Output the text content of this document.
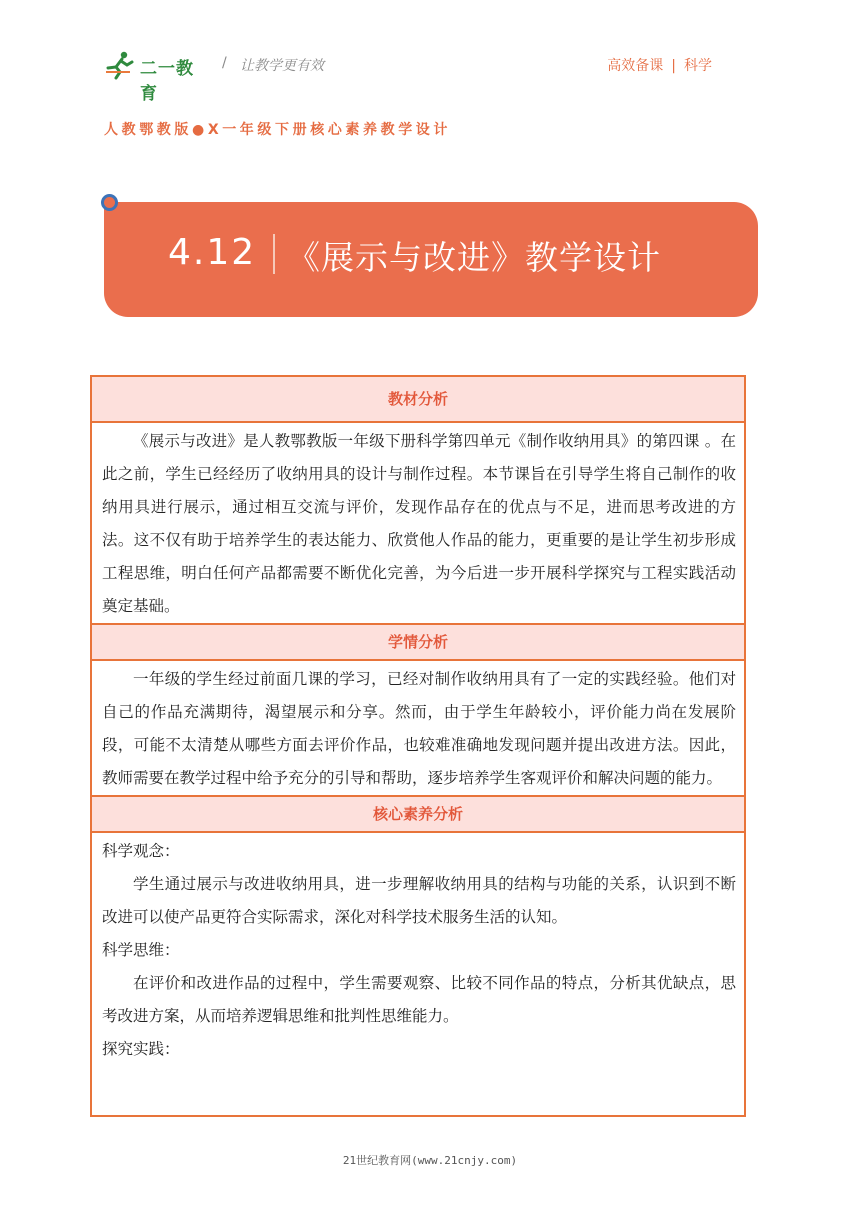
二一教育
/ 让教学更有效	高效备课 | 科学
人教鄂教版●X一年级下册核心素养教学设计
4.12 《展示与改进》教学设计
教材分析

《展示与改进》是人教鄂教版一年级下册科学第四单元《制作收纳用具》的第四课 。在此之前，学生已经经历了收纳用具的设计与制作过程。本节课旨在引导学生将自己制作的收纳用具进行展示，通过相互交流与评价，发现作品存在的优点与不足，进而思考改进的方法。这不仅有助于培养学生的表达能力、欣赏他人作品的能力，更重要的是让学生初步形成工程思维，明白任何产品都需要不断优化完善，为今后进一步开展科学探究与工程实践活动奠定基础。

学情分析

一年级的学生经过前面几课的学习，已经对制作收纳用具有了一定的实践经验。他们对自己的作品充满期待，渴望展示和分享。然而，由于学生年龄较小，评价能力尚在发展阶段，可能不太清楚从哪些方面去评价作品，也较难准确地发现问题并提出改进方法。因此，教师需要在教学过程中给予充分的引导和帮助，逐步培养学生客观评价和解决问题的能力。

核心素养分析

科学观念：

学生通过展示与改进收纳用具，进一步理解收纳用具的结构与功能的关系，认识到不断改进可以使产品更符合实际需求，深化对科学技术服务生活的认知。

科学思维：

在评价和改进作品的过程中，学生需要观察、比较不同作品的特点，分析其优缺点，思考改进方案，从而培养逻辑思维和批判性思维能力。

探究实践：

21世纪教育网(www.21cnjy.com)
